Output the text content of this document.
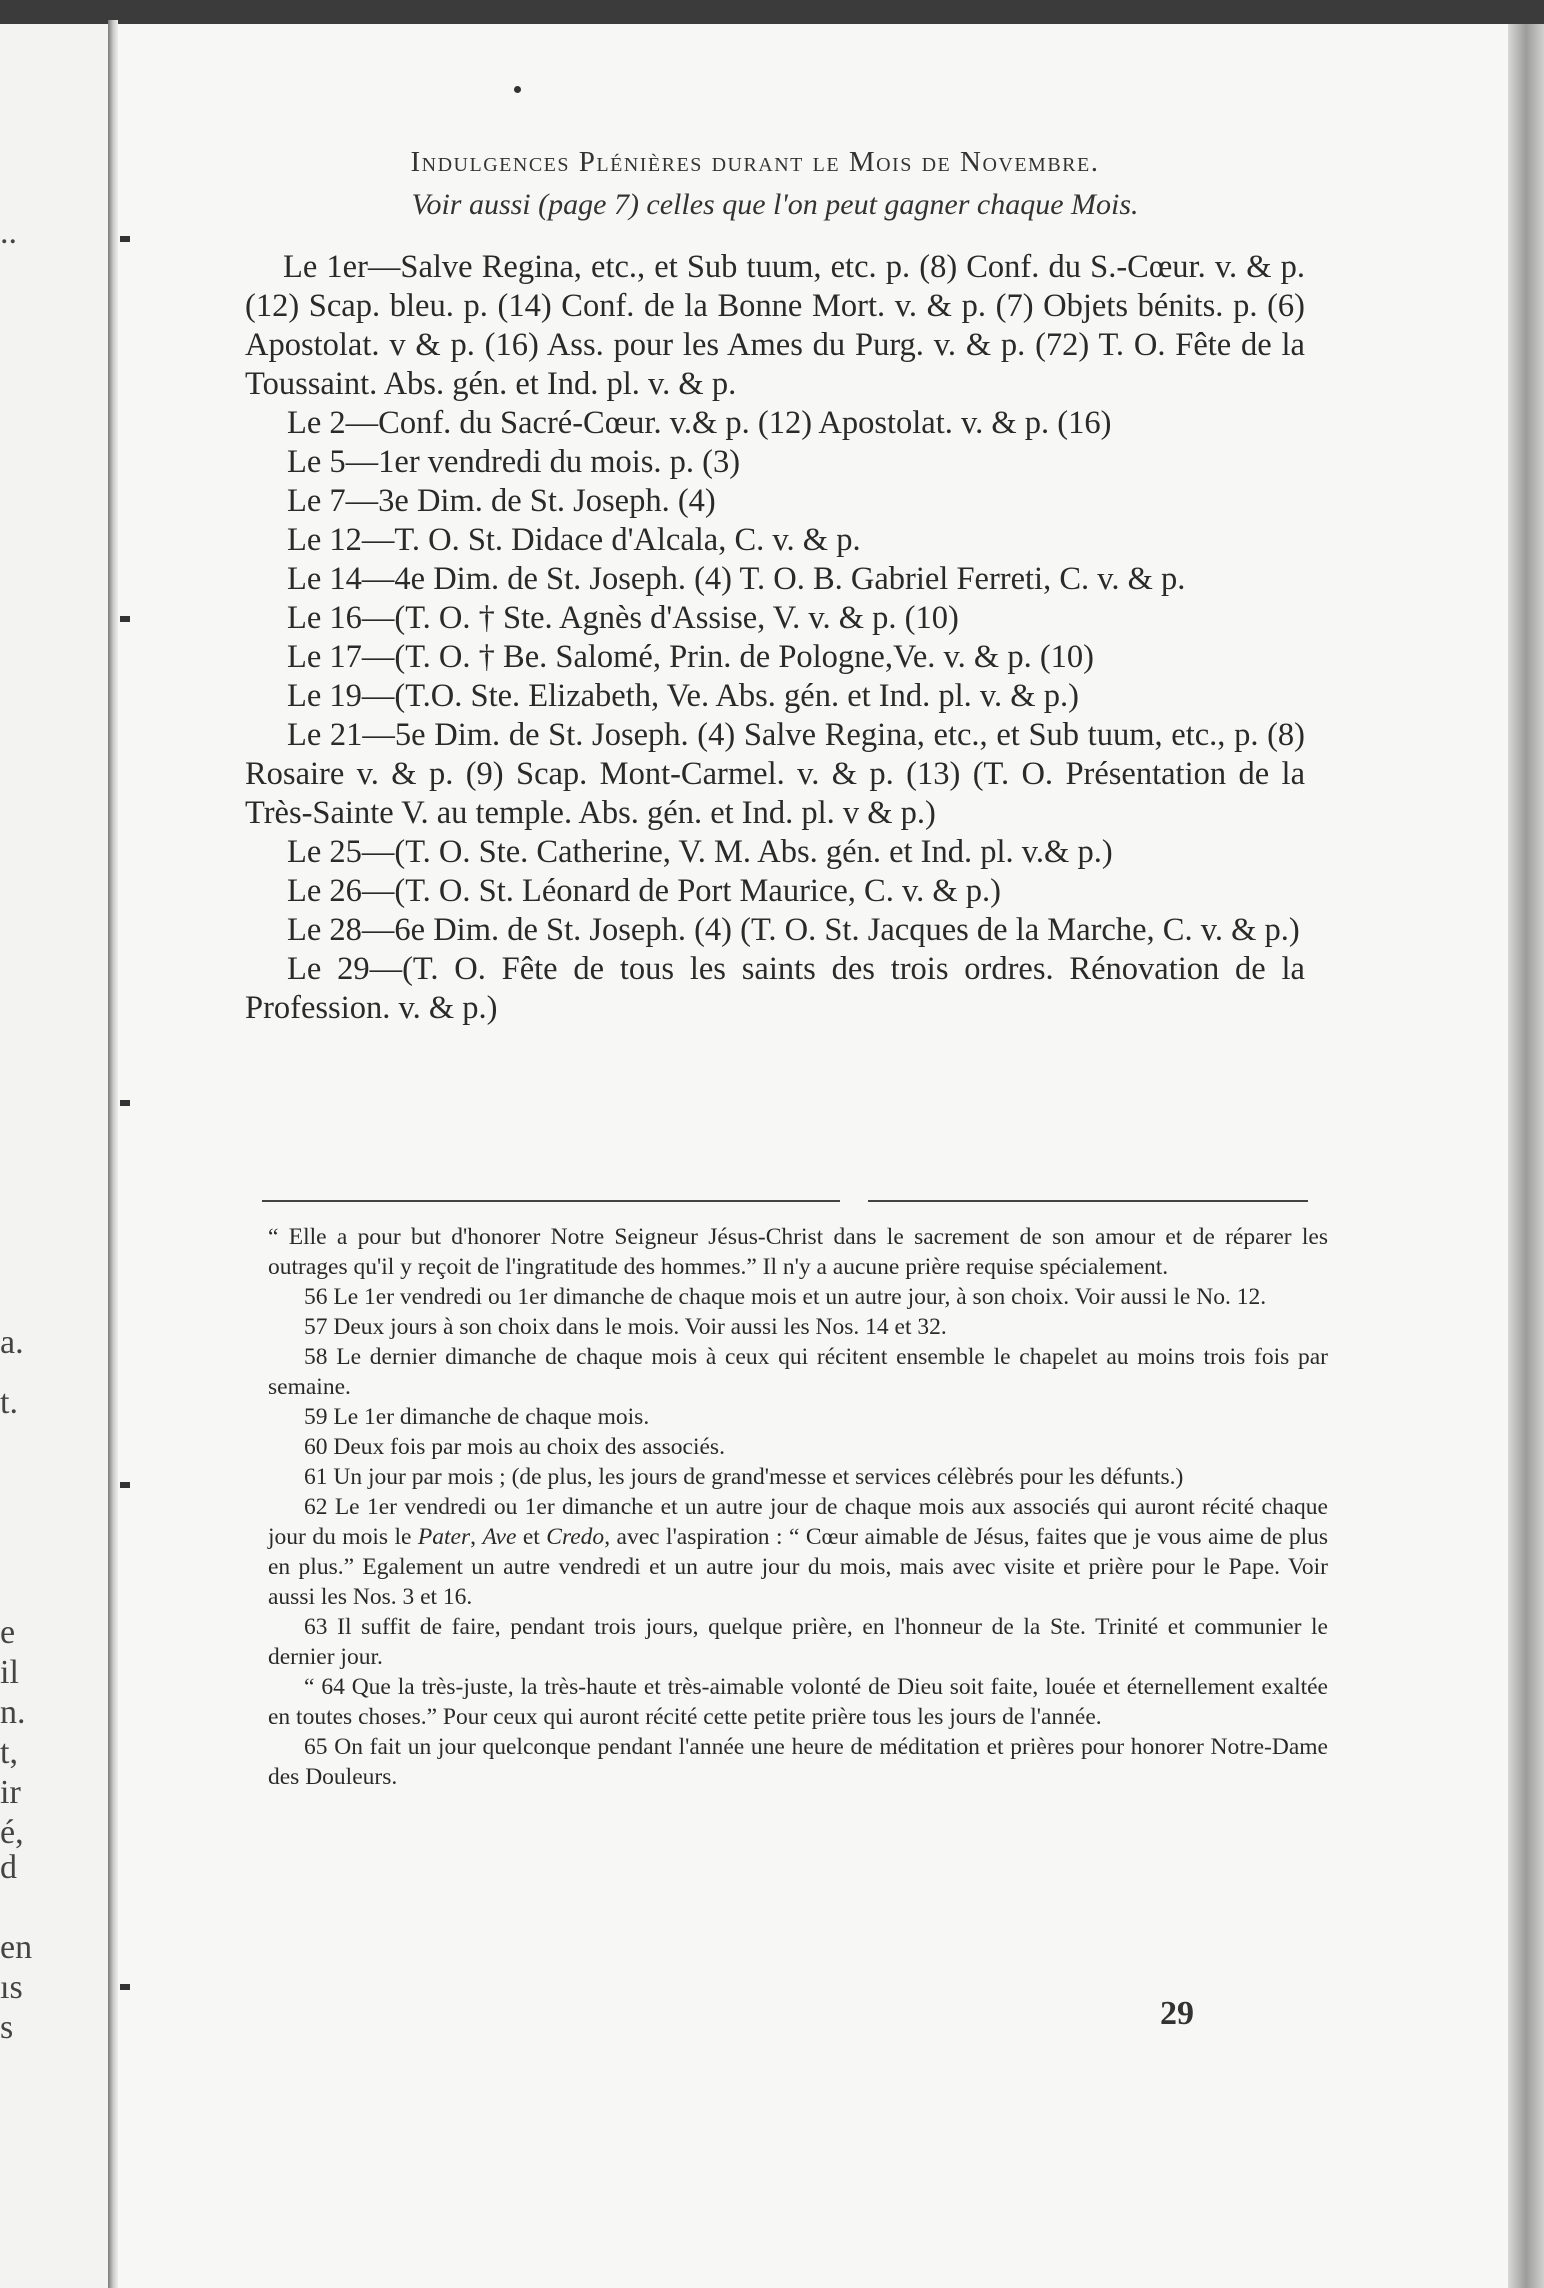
..
a.
t.
e
il
n.
t,
ir
é,
d
en
ıs
s
Indulgences Plénières durant le Mois de Novembre.
Voir aussi (page 7) celles que l'on peut gagner chaque Mois.

Le 1er—Salve Regina, etc., et Sub tuum, etc. p. (8) Conf. du S.-Cœur. v. & p. (12) Scap. bleu. p. (14) Conf. de la Bonne Mort. v. & p. (7) Objets bénits. p. (6) Apostolat. v & p. (16) Ass. pour les Ames du Purg. v. & p. (72) T. O. Fête de la Toussaint. Abs. gén. et Ind. pl. v. & p.

Le 2—Conf. du Sacré-Cœur. v.& p. (12) Apostolat. v. & p. (16)

Le 5—1er vendredi du mois. p. (3)

Le 7—3e Dim. de St. Joseph. (4)

Le 12—T. O. St. Didace d'Alcala, C. v. & p.

Le 14—4e Dim. de St. Joseph. (4) T. O. B. Gabriel Ferreti, C. v. & p.

Le 16—(T. O. † Ste. Agnès d'Assise, V. v. & p. (10)

Le 17—(T. O. † Be. Salomé, Prin. de Pologne,Ve. v. & p. (10)

Le 19—(T.O. Ste. Elizabeth, Ve. Abs. gén. et Ind. pl. v. & p.)

Le 21—5e Dim. de St. Joseph. (4) Salve Regina, etc., et Sub tuum, etc., p. (8) Rosaire v. & p. (9) Scap. Mont-Carmel. v. & p. (13) (T. O. Présentation de la Très-Sainte V. au temple. Abs. gén. et Ind. pl. v & p.)

Le 25—(T. O. Ste. Catherine, V. M. Abs. gén. et Ind. pl. v.& p.)

Le 26—(T. O. St. Léonard de Port Maurice, C. v. & p.)

Le 28—6e Dim. de St. Joseph. (4) (T. O. St. Jacques de la Marche, C. v. & p.)

Le 29—(T. O. Fête de tous les saints des trois ordres. Rénovation de la Profession. v. & p.)

“ Elle a pour but d'honorer Notre Seigneur Jésus-Christ dans le sacrement de son amour et de réparer les outrages qu'il y reçoit de l'ingratitude des hommes.” Il n'y a aucune prière requise spécialement.

56 Le 1er vendredi ou 1er dimanche de chaque mois et un autre jour, à son choix. Voir aussi le No. 12.

57 Deux jours à son choix dans le mois. Voir aussi les Nos. 14 et 32.

58 Le dernier dimanche de chaque mois à ceux qui récitent ensemble le chapelet au moins trois fois par semaine.

59 Le 1er dimanche de chaque mois.

60 Deux fois par mois au choix des associés.

61 Un jour par mois ; (de plus, les jours de grand'messe et services célèbrés pour les défunts.)

62 Le 1er vendredi ou 1er dimanche et un autre jour de chaque mois aux associés qui auront récité chaque jour du mois le Pater, Ave et Credo, avec l'aspiration : “ Cœur aimable de Jésus, faites que je vous aime de plus en plus.” Egalement un autre vendredi et un autre jour du mois, mais avec visite et prière pour le Pape. Voir aussi les Nos. 3 et 16.

63 Il suffit de faire, pendant trois jours, quelque prière, en l'honneur de la Ste. Trinité et communier le dernier jour.

“ 64 Que la très-juste, la très-haute et très-aimable volonté de Dieu soit faite, louée et éternellement exaltée en toutes choses.” Pour ceux qui auront récité cette petite prière tous les jours de l'année.

65 On fait un jour quelconque pendant l'année une heure de méditation et prières pour honorer Notre-Dame des Douleurs.

29
